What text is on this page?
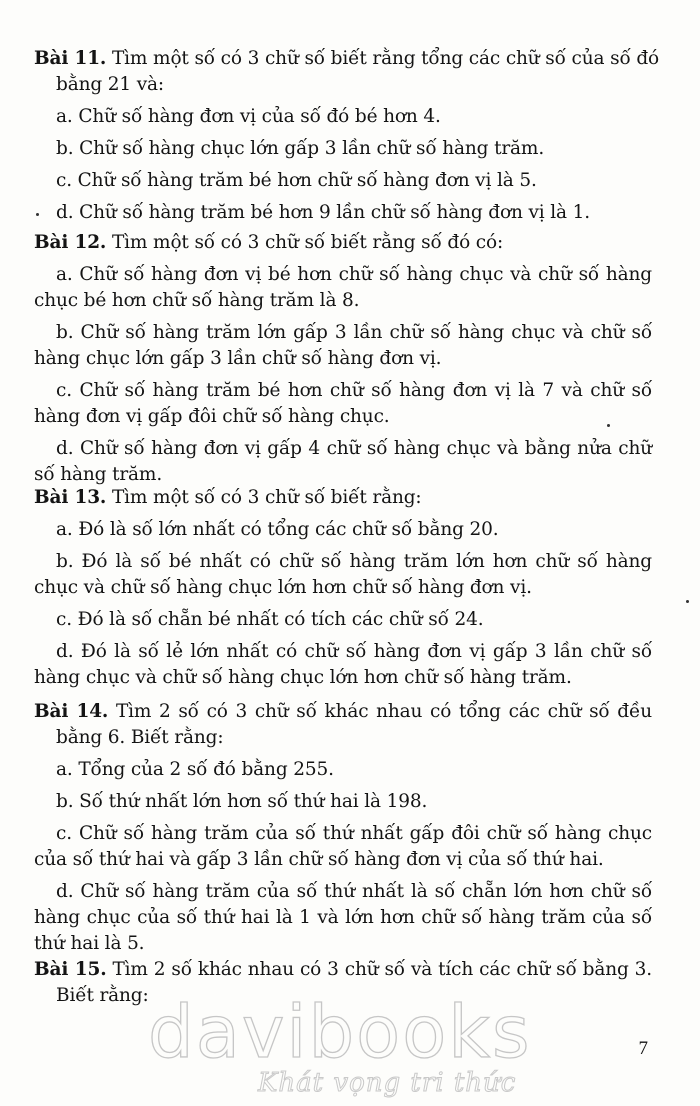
Bài 11. Tìm một số có 3 chữ số biết rằng tổng các chữ số của số đó
bằng 21 và:
a. Chữ số hàng đơn vị của số đó bé hơn 4.
b. Chữ số hàng chục lớn gấp 3 lần chữ số hàng trăm.
c. Chữ số hàng trăm bé hơn chữ số hàng đơn vị là 5.
d. Chữ số hàng trăm bé hơn 9 lần chữ số hàng đơn vị là 1.
Bài 12. Tìm một số có 3 chữ số biết rằng số đó có:
a. Chữ số hàng đơn vị bé hơn chữ số hàng chục và chữ số hàng
chục bé hơn chữ số hàng trăm là 8.
b. Chữ số hàng trăm lớn gấp 3 lần chữ số hàng chục và chữ số
hàng chục lớn gấp 3 lần chữ số hàng đơn vị.
c. Chữ số hàng trăm bé hơn chữ số hàng đơn vị là 7 và chữ số
hàng đơn vị gấp đôi chữ số hàng chục.
d. Chữ số hàng đơn vị gấp 4 chữ số hàng chục và bằng nửa chữ
số hàng trăm.
Bài 13. Tìm một số có 3 chữ số biết rằng:
a. Đó là số lớn nhất có tổng các chữ số bằng 20.
b. Đó là số bé nhất có chữ số hàng trăm lớn hơn chữ số hàng
chục và chữ số hàng chục lớn hơn chữ số hàng đơn vị.
c. Đó là số chẵn bé nhất có tích các chữ số 24.
d. Đó là số lẻ lớn nhất có chữ số hàng đơn vị gấp 3 lần chữ số
hàng chục và chữ số hàng chục lớn hơn chữ số hàng trăm.
Bài 14. Tìm 2 số có 3 chữ số khác nhau có tổng các chữ số đều
bằng 6. Biết rằng:
a. Tổng của 2 số đó bằng 255.
b. Số thứ nhất lớn hơn số thứ hai là 198.
c. Chữ số hàng trăm của số thứ nhất gấp đôi chữ số hàng chục
của số thứ hai và gấp 3 lần chữ số hàng đơn vị của số thứ hai.
d. Chữ số hàng trăm của số thứ nhất là số chẵn lớn hơn chữ số
hàng chục của số thứ hai là 1 và lớn hơn chữ số hàng trăm của số
thứ hai là 5.
Bài 15. Tìm 2 số khác nhau có 3 chữ số và tích các chữ số bằng 3.
Biết rằng: davibooks
Khát vọng tri thức
7
